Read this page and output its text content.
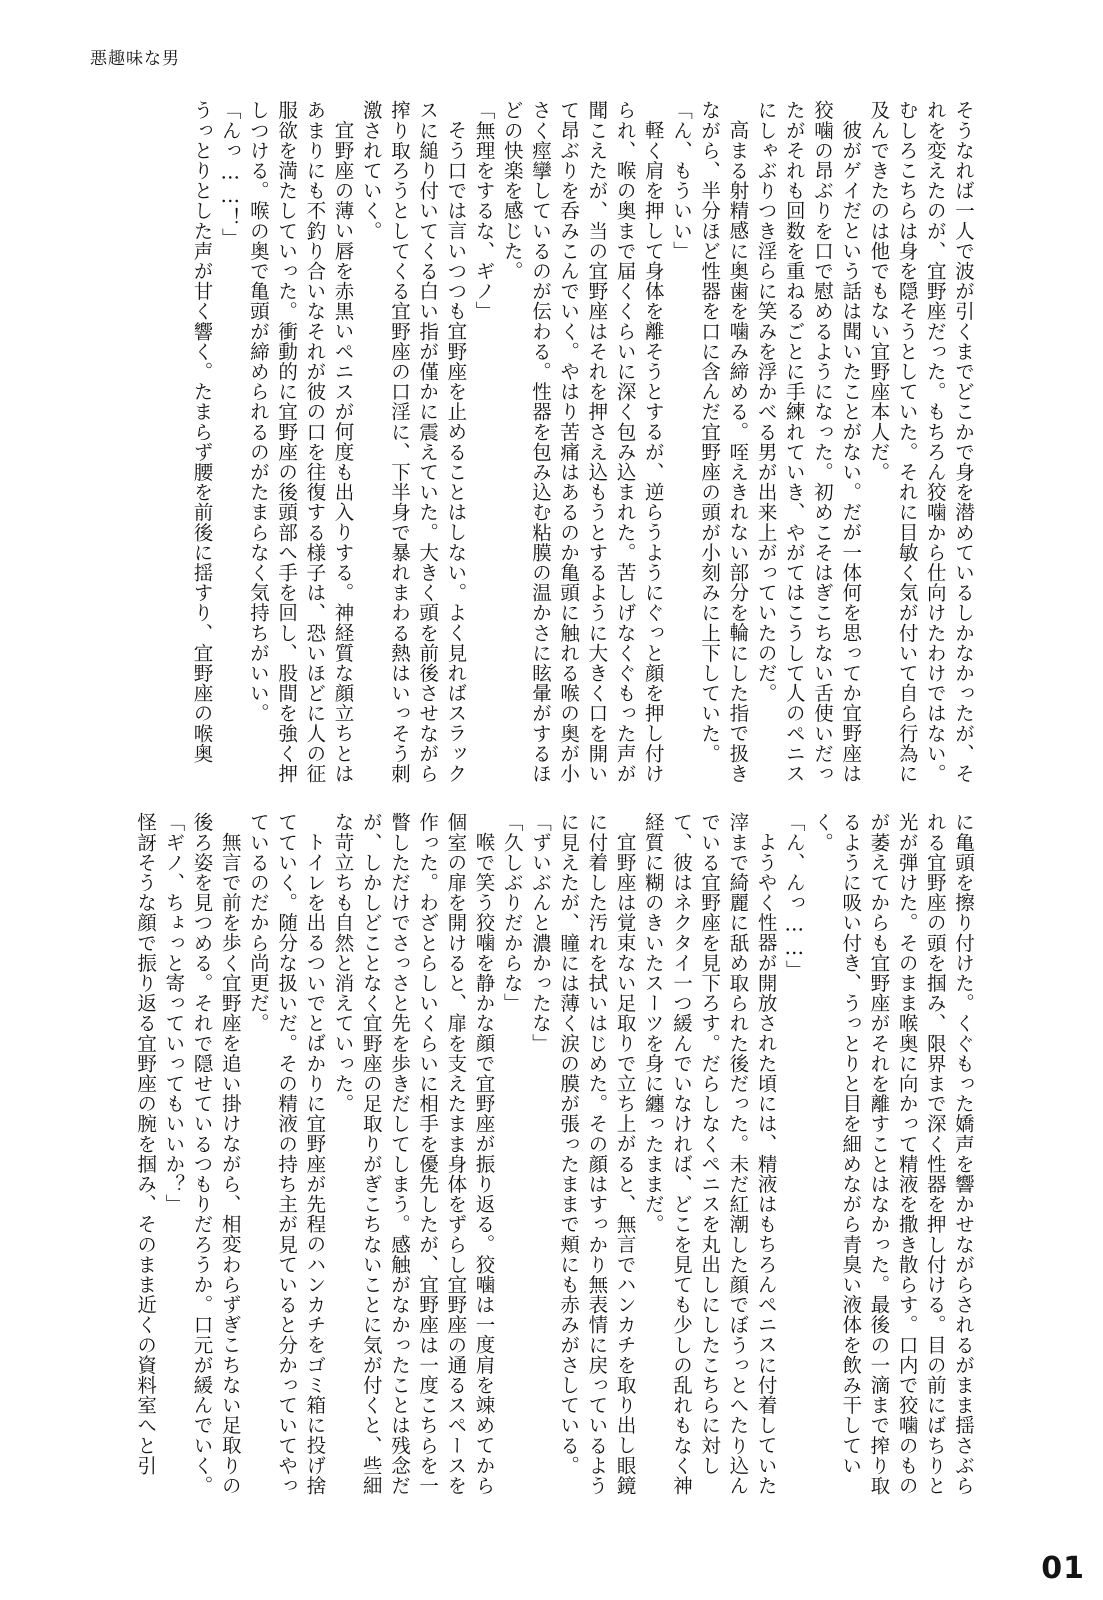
悪趣味な男

そうなれば一人で波が引くまでどこかで身を潜めているしかなかったが、それを変えたのが、宜野座だった。もちろん狡噛から仕向けたわけではない。むしろこちらは身を隠そうとしていた。それに目敏く気が付いて自ら行為に及んできたのは他でもない宜野座本人だ。

彼がゲイだという話は聞いたことがない。だが一体何を思ってか宜野座は狡噛の昂ぶりを口で慰めるようになった。初めこそはぎこちない舌使いだったがそれも回数を重ねるごとに手練れていき、やがてはこうして人のペニスにしゃぶりつき淫らに笑みを浮かべる男が出来上がっていたのだ。

高まる射精感に奥歯を噛み締める。咥えきれない部分を輪にした指で扱きながら、半分ほど性器を口に含んだ宜野座の頭が小刻みに上下していた。

「ん、もういい」

軽く肩を押して身体を離そうとするが、逆らうようにぐっと顔を押し付けられ、喉の奥まで届くくらいに深く包み込まれた。苦しげなくぐもった声が聞こえたが、当の宜野座はそれを押さえ込もうとするように大きく口を開いて昂ぶりを呑みこんでいく。やはり苦痛はあるのか亀頭に触れる喉の奥が小さく痙攣しているのが伝わる。性器を包み込む粘膜の温かさに眩暈がするほどの快楽を感じた。

「無理をするな、ギノ」

そう口では言いつつも宜野座を止めることはしない。よく見ればスラックスに縋り付いてくる白い指が僅かに震えていた。大きく頭を前後させながら搾り取ろうとしてくる宜野座の口淫に、下半身で暴れまわる熱はいっそう刺激されていく。

宜野座の薄い唇を赤黒いペニスが何度も出入りする。神経質な顔立ちとはあまりにも不釣り合いなそれが彼の口を往復する様子は、恐いほどに人の征服欲を満たしていった。衝動的に宜野座の後頭部へ手を回し、股間を強く押しつける。喉の奥で亀頭が締められるのがたまらなく気持ちがいい。

「んっ……！」

うっとりとした声が甘く響く。たまらず腰を前後に揺すり、宜野座の喉奥

に亀頭を擦り付けた。くぐもった嬌声を響かせながらされるがまま揺さぶられる宜野座の頭を掴み、限界まで深く性器を押し付ける。目の前にばちりと光が弾けた。そのまま喉奥に向かって精液を撒き散らす。口内で狡噛のものが萎えてからも宜野座がそれを離すことはなかった。最後の一滴まで搾り取るように吸い付き、うっとりと目を細めながら青臭い液体を飲み干していく。

「ん、んっ……」

ようやく性器が開放された頃には、精液はもちろんペニスに付着していた滓まで綺麗に舐め取られた後だった。未だ紅潮した顔でぼうっとへたり込んでいる宜野座を見下ろす。だらしなくペニスを丸出しにしたこちらに対して、彼はネクタイ一つ緩んでいなければ、どこを見ても少しの乱れもなく神経質に糊のきいたスーツを身に纏ったままだ。

宜野座は覚束ない足取りで立ち上がると、無言でハンカチを取り出し眼鏡に付着した汚れを拭いはじめた。その顔はすっかり無表情に戻っているように見えたが、瞳には薄く涙の膜が張ったままで頬にも赤みがさしている。

「ずいぶんと濃かったな」

「久しぶりだからな」

喉で笑う狡噛を静かな顔で宜野座が振り返る。狡噛は一度肩を竦めてから個室の扉を開けると、扉を支えたまま身体をずらし宜野座の通るスペースを作った。わざとらしいくらいに相手を優先したが、宜野座は一度こちらを一瞥しただけでさっさと先を歩きだしてしまう。感触がなかったことは残念だが、しかしどことなく宜野座の足取りがぎこちないことに気が付くと、些細な苛立ちも自然と消えていった。

トイレを出るついでとばかりに宜野座が先程のハンカチをゴミ箱に投げ捨てていく。随分な扱いだ。その精液の持ち主が見ていると分かっていてやっているのだから尚更だ。

無言で前を歩く宜野座を追い掛けながら、相変わらずぎこちない足取りの後ろ姿を見つめる。それで隠せているつもりだろうか。口元が緩んでいく。

「ギノ、ちょっと寄っていってもいいか？」

怪訝そうな顔で振り返る宜野座の腕を掴み、そのまま近くの資料室へと引

01
